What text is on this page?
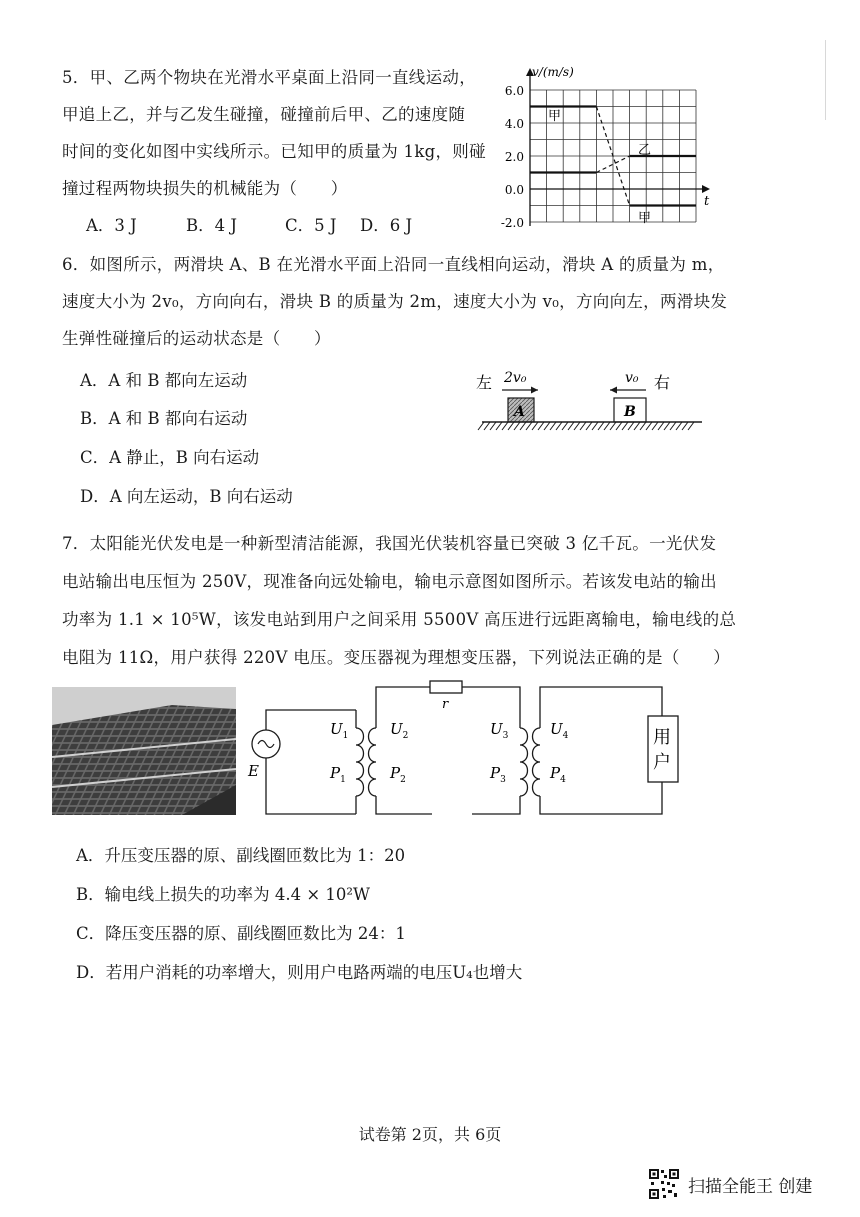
5．甲、乙两个物块在光滑水平桌面上沿同一直线运动，
甲追上乙，并与乙发生碰撞，碰撞前后甲、乙的速度随
时间的变化如图中实线所示。已知甲的质量为 1kg，则碰
撞过程两物块损失的机械能为（　　）
A．3 J	B．4 J	C．5 J D．6 J
6.0
4.0
2.0
0.0
-2.0
v/(m/s)
t
甲
乙
甲
6．如图所示，两滑块 A、B 在光滑水平面上沿同一直线相向运动，滑块 A 的质量为 m，
速度大小为 2v₀，方向向右，滑块 B 的质量为 2m，速度大小为 v₀，方向向左，两滑块发
生弹性碰撞后的运动状态是（　　）
A．A 和 B 都向左运动
B．A 和 B 都向右运动
C．A 静止，B 向右运动
D．A 向左运动，B 向右运动
左 2v₀
A
v₀ 右
B
7．太阳能光伏发电是一种新型清洁能源，我国光伏装机容量已突破 3 亿千瓦。一光伏发
电站输出电压恒为 250V，现准备向远处输电，输电示意图如图所示。若该发电站的输出
功率为 1.1 × 10⁵W，该发电站到用户之间采用 5500V 高压进行远距离输电，输电线的总
电阻为 11Ω，用户获得 220V 电压。变压器视为理想变压器，下列说法正确的是（　　）
A．升压变压器的原、副线圈匝数比为 1：20
B．输电线上损失的功率为 4.4 × 10²W
C．降压变压器的原、副线圈匝数比为 24：1
D．若用户消耗的功率增大，则用户电路两端的电压U₄也增大
E
r
$U_1$
$P_1$
$U_2$
$P_2$
$U_3$
$P_3$
$U_4$
$P_4$
用
户
试卷第 2页，共 6页
扫描全能王 创建
